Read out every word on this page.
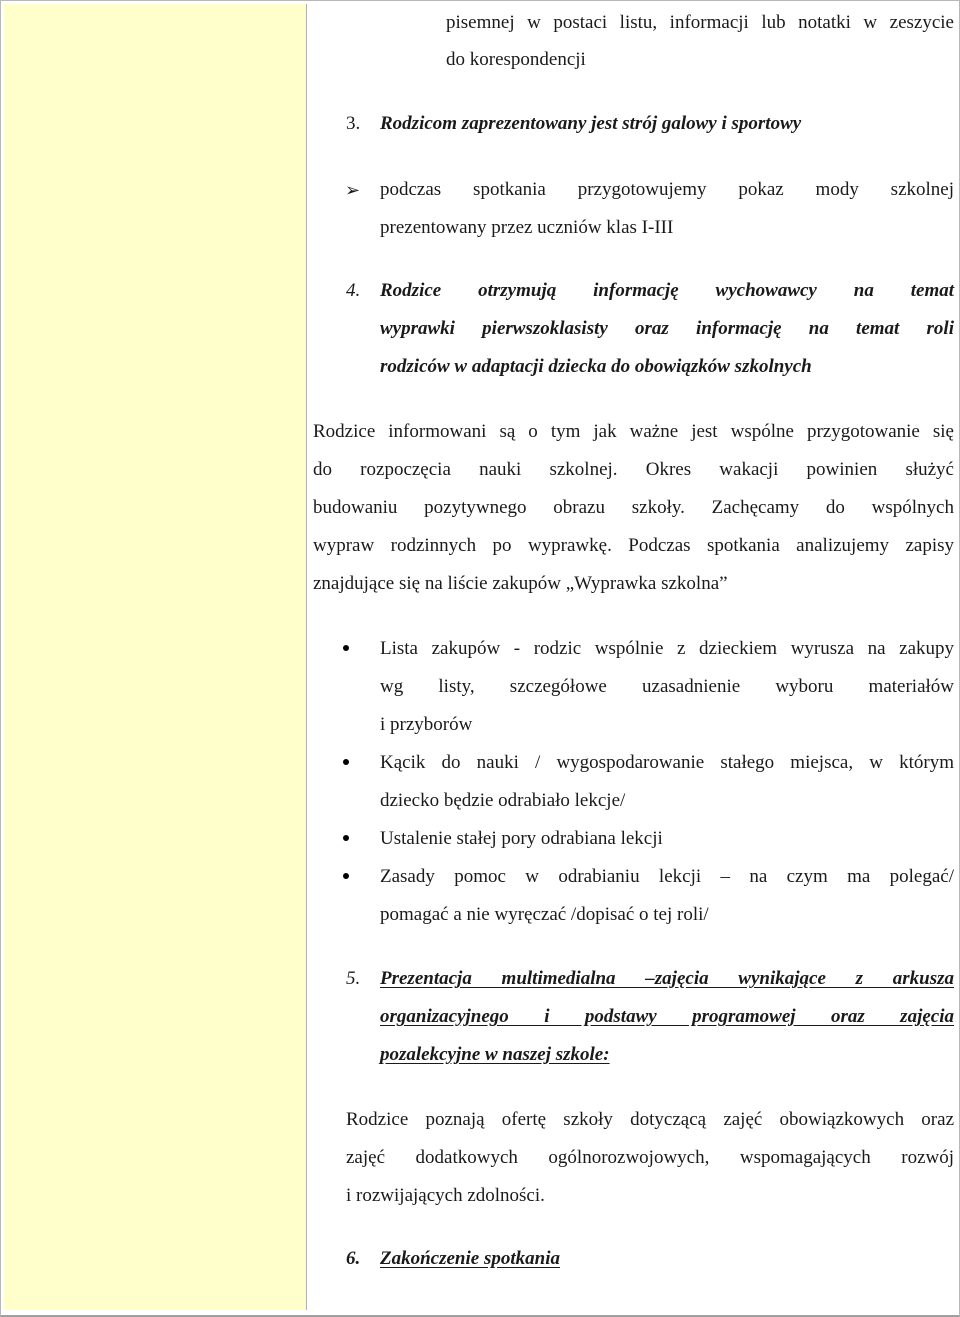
pisemnej w postaci listu, informacji lub notatki w zeszycie
do korespondencji
3. Rodzicom zaprezentowany jest strój galowy i sportowy
➢ podczas spotkania przygotowujemy pokaz mody szkolnej
prezentowany przez uczniów klas I-III
4. Rodzice otrzymują informację wychowawcy na temat
wyprawki pierwszoklasisty oraz informację na temat roli
rodziców w adaptacji dziecka do obowiązków szkolnych
Rodzice informowani są o tym jak ważne jest wspólne przygotowanie się
do rozpoczęcia nauki szkolnej. Okres wakacji powinien służyć
budowaniu pozytywnego obrazu szkoły. Zachęcamy do wspólnych
wypraw rodzinnych po wyprawkę. Podczas spotkania analizujemy zapisy
znajdujące się na liście zakupów „Wyprawka szkolna”
Lista zakupów - rodzic wspólnie z dzieckiem wyrusza na zakupy
wg listy, szczegółowe uzasadnienie wyboru materiałów
i przyborów
Kącik do nauki / wygospodarowanie stałego miejsca, w którym
dziecko będzie odrabiało lekcje/
Ustalenie stałej pory odrabiana lekcji
Zasady pomoc w odrabianiu lekcji – na czym ma polegać/
pomagać a nie wyręczać /dopisać o tej roli/
5. Prezentacja multimedialna –zajęcia wynikające z arkusza
organizacyjnego i podstawy programowej oraz zajęcia
pozalekcyjne w naszej szkole:
Rodzice poznają ofertę szkoły dotyczącą zajęć obowiązkowych oraz
zajęć dodatkowych ogólnorozwojowych, wspomagających rozwój
i rozwijających zdolności.
6. Zakończenie spotkania
